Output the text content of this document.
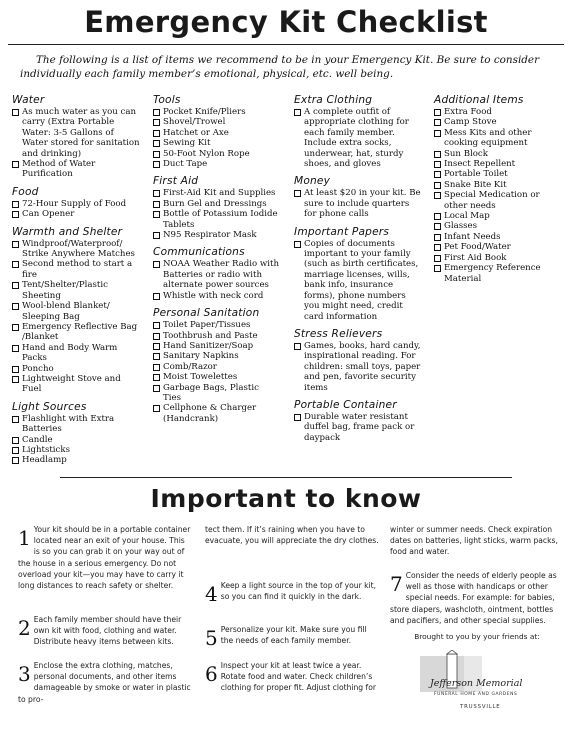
Emergency Kit Checklist
The following is a list of items we recommend to be in your Emergency Kit. Be sure to consider individually each family member’s emotional, physical, etc. well being.
Water
As much water as you can carry (Extra Portable Water: 3-5 Gallons of Water stored for sanitation and drinking)
Method of Water Purification
Food
72-Hour Supply of Food
Can Opener
Warmth and Shelter
Windproof/Waterproof/ Strike Anywhere Matches
Second method to start a fire
Tent/Shelter/Plastic Sheeting
Wool-blend Blanket/ Sleeping Bag
Emergency Reflective Bag /Blanket
Hand and Body Warm Packs
Poncho
Lightweight Stove and Fuel
Light Sources
Flashlight with Extra Batteries
Candle
Lightsticks
Headlamp
Tools
Pocket Knife/Pliers
Shovel/Trowel
Hatchet or Axe
Sewing Kit
50-Foot Nylon Rope
Duct Tape
First Aid
First-Aid Kit and Supplies
Burn Gel and Dressings
Bottle of Potassium Iodide Tablets
N95 Respirator Mask
Communications
NOAA Weather Radio with Batteries or radio with alternate power sources
Whistle with neck cord
Personal Sanitation
Toilet Paper/Tissues
Toothbrush and Paste
Hand Sanitizer/Soap
Sanitary Napkins
Comb/Razor
Moist Towelettes
Garbage Bags, Plastic Ties
Cellphone & Charger (Handcrank)
Extra Clothing
A complete outfit of appropriate clothing for each family member. Include extra socks, underwear, hat, sturdy shoes, and gloves
Money
At least $20 in your kit. Be sure to include quarters for phone calls
Important Papers
Copies of documents important to your family (such as birth certificates, marriage licenses, wills, bank info, insurance forms), phone numbers you might need, credit card information
Stress Relievers
Games, books, hard candy, inspirational reading. For children: small toys, paper and pen, favorite security items
Portable Container
Durable water resistant duffel bag, frame pack or daypack
Additional Items
Extra Food
Camp Stove
Mess Kits and other cooking equipment
Sun Block
Insect Repellent
Portable Toilet
Snake Bite Kit
Special Medication or other needs
Local Map
Glasses
Infant Needs
Pet Food/Water
First Aid Book
Emergency Reference Material
Important to know
1 Your kit should be in a portable container located near an exit of your house. This is so you can grab it on your way out of the house in a serious emergency. Do not overload your kit—you may have to carry it long distances to reach safety or shelter.
2 Each family member should have their own kit with food, clothing and water. Distribute heavy items between kits.
3 Enclose the extra clothing, matches, personal documents, and other items damageable by smoke or water in plastic to pro-
tect them. If it’s raining when you have to evacuate, you will appreciate the dry clothes.
4 Keep a light source in the top of your kit, so you can find it quickly in the dark.
5 Personalize your kit. Make sure you fill the needs of each family member.
6 Inspect your kit at least twice a year. Rotate food and water. Check children’s clothing for proper fit. Adjust clothing for
winter or summer needs. Check expiration dates on batteries, light sticks, warm packs, food and water.
7 Consider the needs of elderly people as well as those with handicaps or other special needs. For example: for babies, store diapers, washcloth, ointment, bottles and pacifiers, and other special supplies.
Brought to you by your friends at:
Jefferson Memorial
FUNERAL HOME AND GARDENS
TRUSSVILLE
